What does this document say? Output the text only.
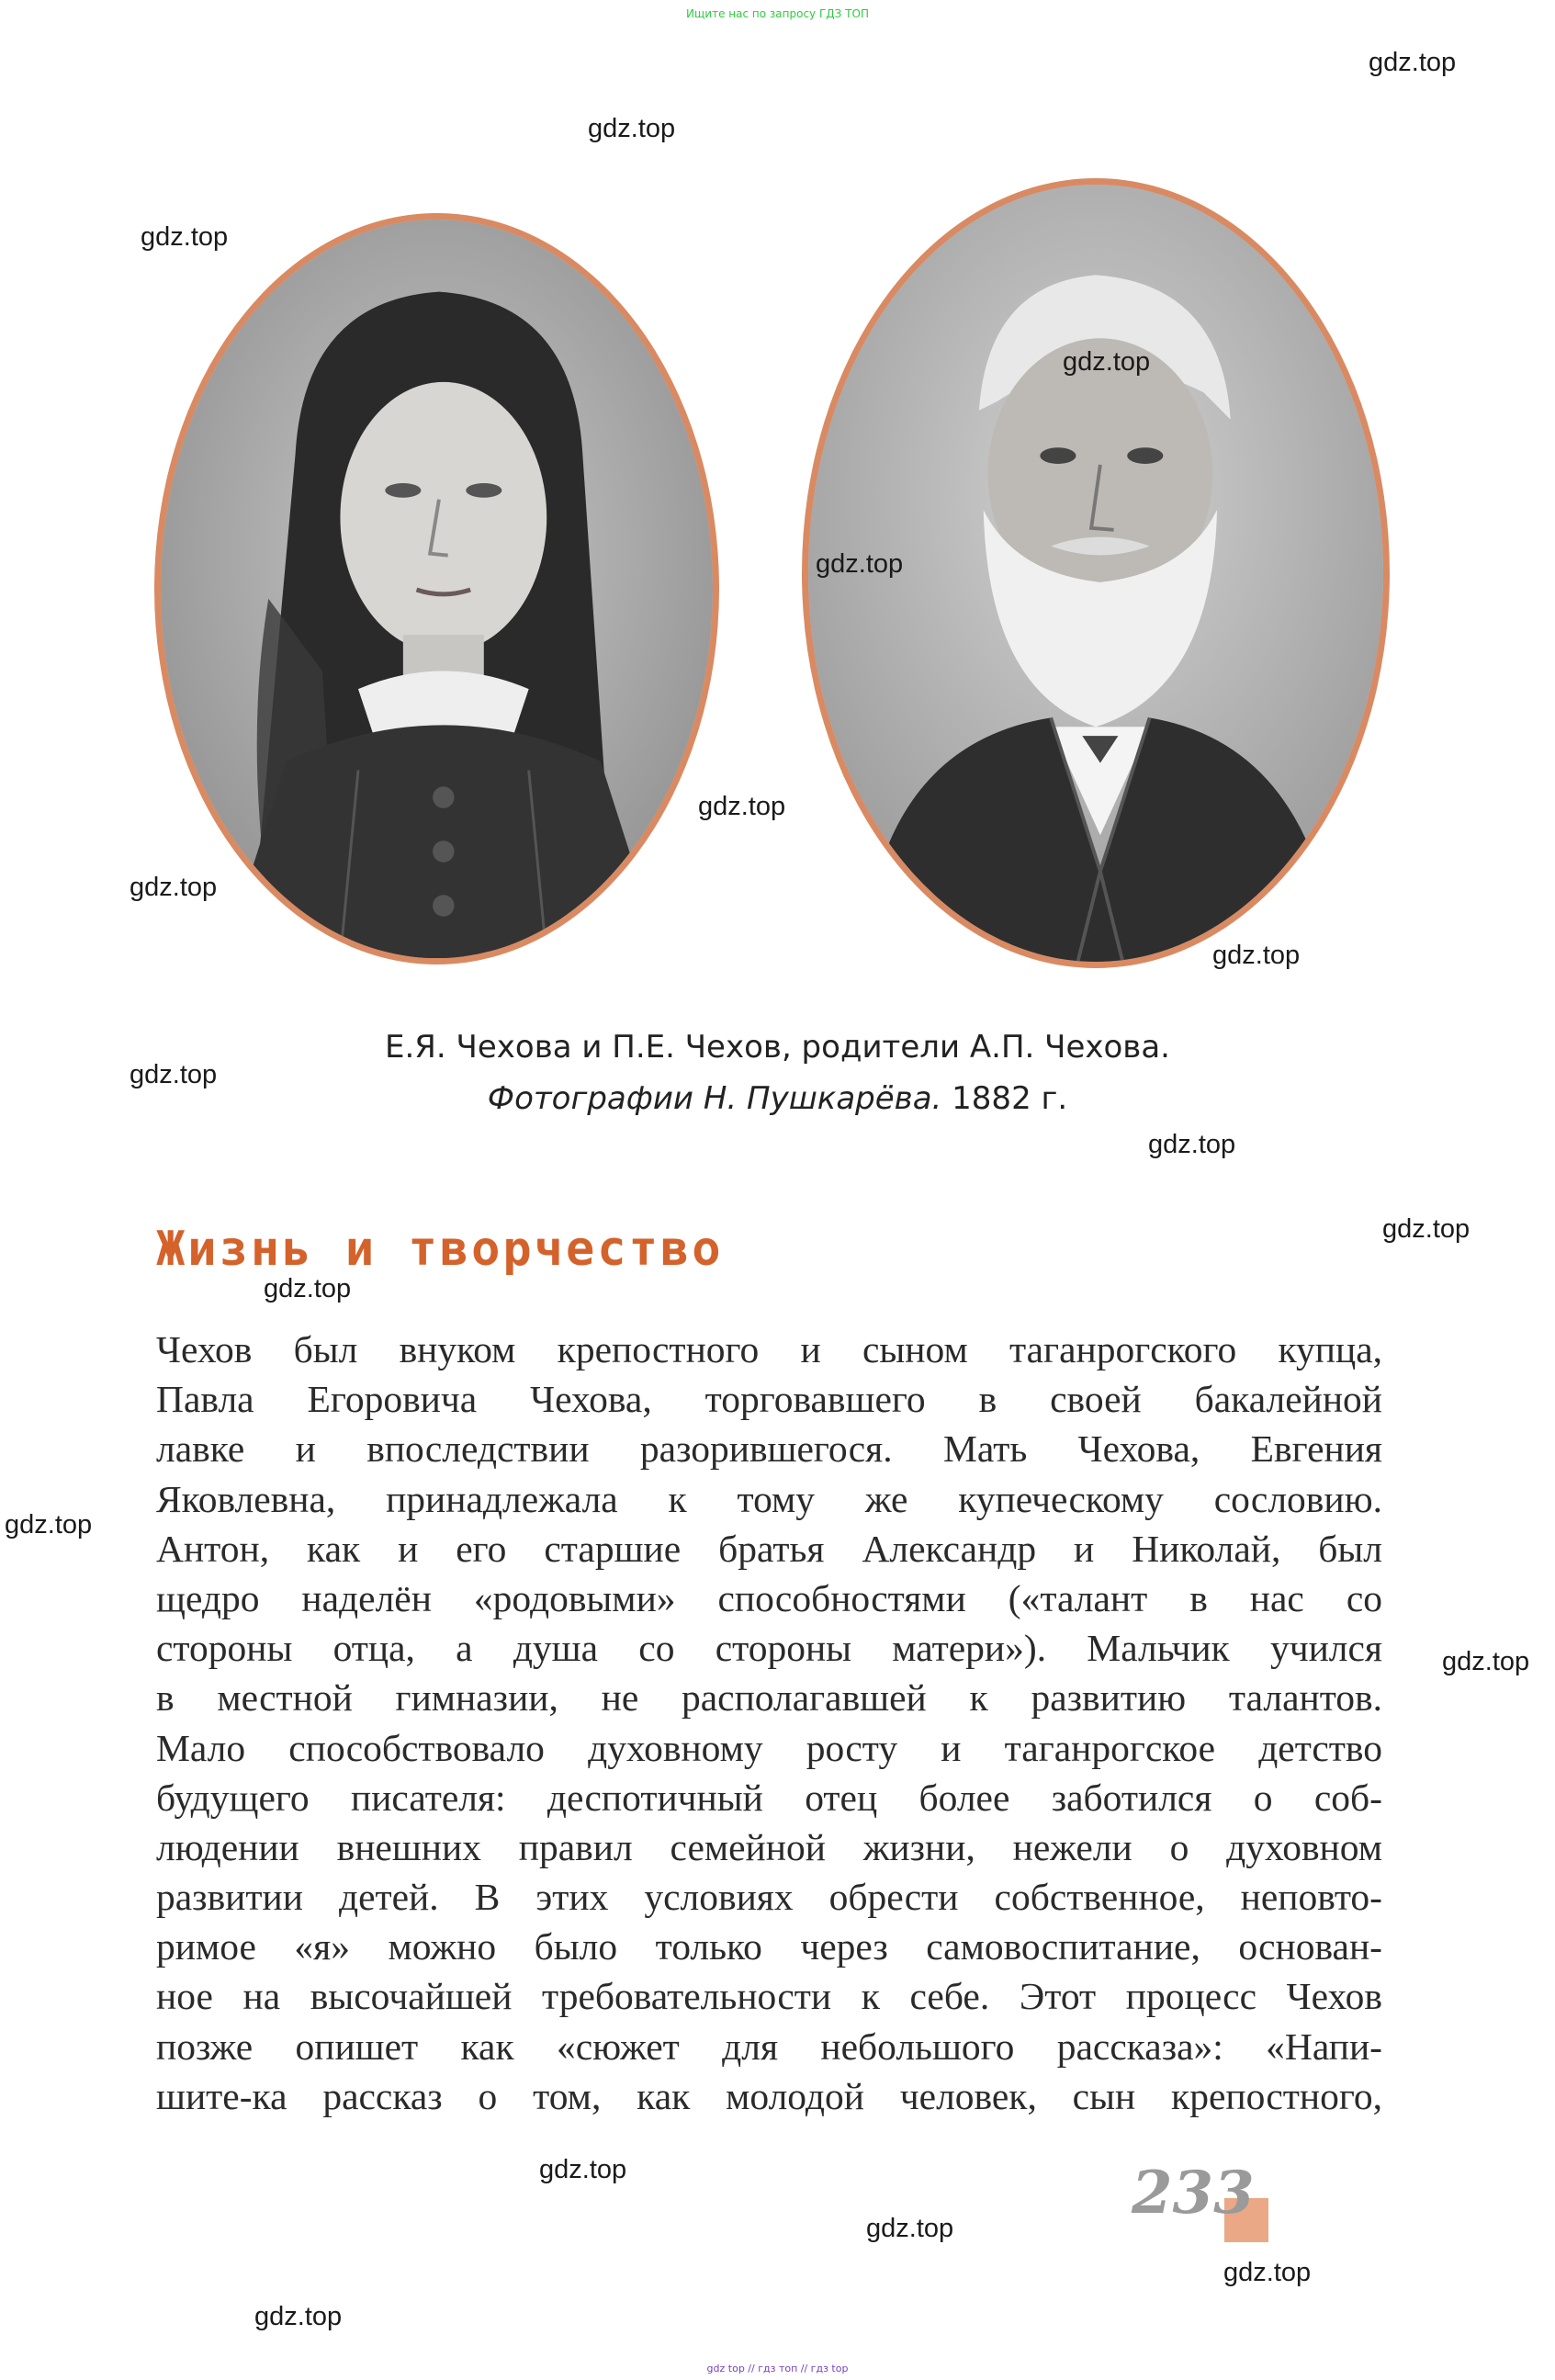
Ищите нас по запросу ГДЗ ТОП
Е.Я. Чехова и П.Е. Чехов, родители А.П. Чехова.
Фотографии Н. Пушкарёва. 1882 г.
Жизнь и творчество
Чехов был внуком крепостного и сыном таганрогского купца,
Павла Егоровича Чехова, торговавшего в своей бакалейной
лавке и впоследствии разорившегося. Мать Чехова, Евгения
Яковлевна, принадлежала к тому же купеческому сословию.
Антон, как и его старшие братья Александр и Николай, был
щедро наделён «родовыми» способностями («талант в нас со
стороны отца, а душа со стороны матери»). Мальчик учился
в местной гимназии, не располагавшей к развитию талантов.
Мало способствовало духовному росту и таганрогское детство
будущего писателя: деспотичный отец более заботился о соб-
людении внешних правил семейной жизни, нежели о духовном
развитии детей. В этих условиях обрести собственное, неповто-
римое «я» можно было только через самовоспитание, основан-
ное на высочайшей требовательности к себе. Этот процесс Чехов
позже опишет как «сюжет для небольшого рассказа»: «Напи-
шите-ка рассказ о том, как молодой человек, сын крепостного,
233
gdz.top
gdz.top
gdz.top
gdz.top
gdz.top
gdz.top
gdz.top
gdz.top
gdz.top
gdz.top
gdz.top
gdz.top
gdz.top
gdz.top
gdz.top
gdz.top
gdz.top
gdz.top
gdz top // гдз топ // гдз top
